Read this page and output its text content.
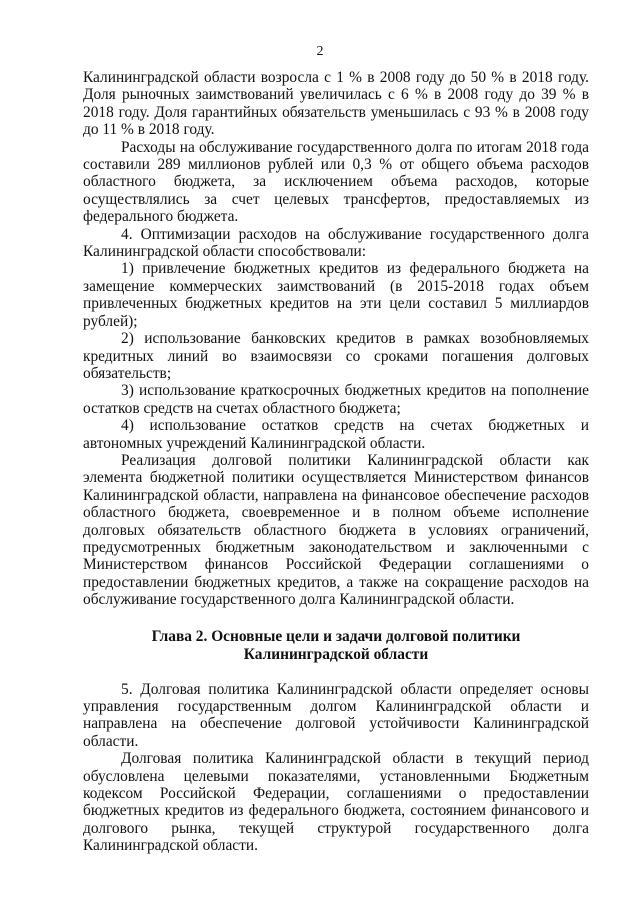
2

Калининградской области возросла с 1 % в 2008 году до 50 % в 2018 году. Доля рыночных заимствований увеличилась с 6 % в 2008 году до 39 % в 2018 году. Доля гарантийных обязательств уменьшилась с 93 % в 2008 году до 11 % в 2018 году.

Расходы на обслуживание государственного долга по итогам 2018 года составили 289 миллионов рублей или 0,3 % от общего объема расходов областного бюджета, за исключением объема расходов, которые осуществлялись за счет целевых трансфертов, предоставляемых из федерального бюджета.

4. Оптимизации расходов на обслуживание государственного долга Калининградской области способствовали:

1) привлечение бюджетных кредитов из федерального бюджета на замещение коммерческих заимствований (в 2015-2018 годах объем привлеченных бюджетных кредитов на эти цели составил 5 миллиардов рублей);

2) использование банковских кредитов в рамках возобновляемых кредитных линий во взаимосвязи со сроками погашения долговых обязательств;

3) использование краткосрочных бюджетных кредитов на пополнение остатков средств на счетах областного бюджета;

4) использование остатков средств на счетах бюджетных и автономных учреждений Калининградской области.

Реализация долговой политики Калининградской области как элемента бюджетной политики осуществляется Министерством финансов Калининградской области, направлена на финансовое обеспечение расходов областного бюджета, своевременное и в полном объеме исполнение долговых обязательств областного бюджета в условиях ограничений, предусмотренных бюджетным законодательством и заключенными с Министерством финансов Российской Федерации соглашениями о предоставлении бюджетных кредитов, а также на сокращение расходов на обслуживание государственного долга Калининградской области.

Глава 2. Основные цели и задачи долговой политики
Калининградской области

5. Долговая политика Калининградской области определяет основы управления государственным долгом Калининградской области и направлена на обеспечение долговой устойчивости Калининградской области.

Долговая политика Калининградской области в текущий период обусловлена целевыми показателями, установленными Бюджетным кодексом Российской Федерации, соглашениями о предоставлении бюджетных кредитов из федерального бюджета, состоянием финансового и долгового рынка, текущей структурой государственного долга Калининградской области.
